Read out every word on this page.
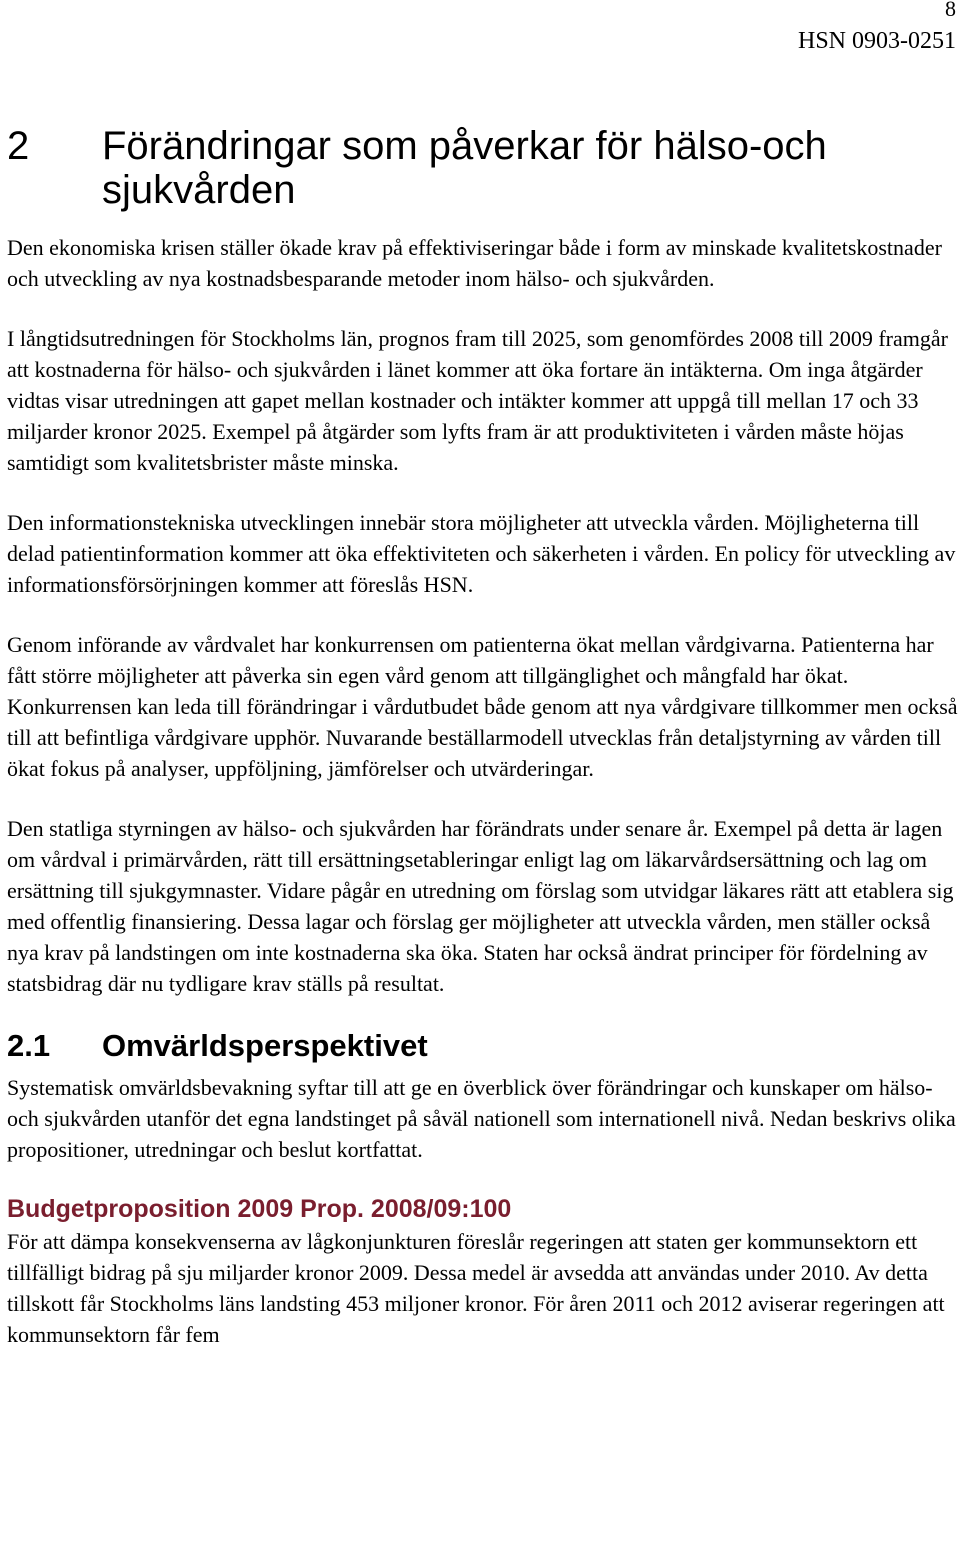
8
HSN 0903-0251
2	Förändringar som påverkar för hälso-och sjukvården

Den ekonomiska krisen ställer ökade krav på effektiviseringar både i form av minskade kvalitetskostnader och utveckling av nya kostnadsbesparande metoder inom hälso- och sjukvården.

I långtidsutredningen för Stockholms län, prognos fram till 2025, som genomfördes 2008 till 2009 framgår att kostnaderna för hälso- och sjukvården i länet kommer att öka fortare än intäkterna. Om inga åtgärder vidtas visar utredningen att gapet mellan kostnader och intäkter kommer att uppgå till mellan 17 och 33 miljarder kronor 2025. Exempel på åtgärder som lyfts fram är att produktiviteten i vården måste höjas samtidigt som kvalitetsbrister måste minska.

Den informationstekniska utvecklingen innebär stora möjligheter att utveckla vården. Möjligheterna till delad patientinformation kommer att öka effektiviteten och säkerheten i vården. En policy för utveckling av informationsförsörjningen kommer att föreslås HSN.

Genom införande av vårdvalet har konkurrensen om patienterna ökat mellan vårdgivarna. Patienterna har fått större möjligheter att påverka sin egen vård genom att tillgänglighet och mångfald har ökat. Konkurrensen kan leda till förändringar i vårdutbudet både genom att nya vårdgivare tillkommer men också till att befintliga vårdgivare upphör. Nuvarande beställarmodell utvecklas från detaljstyrning av vården till ökat fokus på analyser, uppföljning, jämförelser och utvärderingar.

Den statliga styrningen av hälso- och sjukvården har förändrats under senare år. Exempel på detta är lagen om vårdval i primärvården, rätt till ersättningsetableringar enligt lag om läkarvårdsersättning och lag om ersättning till sjukgymnaster. Vidare pågår en utredning om förslag som utvidgar läkares rätt att etablera sig med offentlig finansiering. Dessa lagar och förslag ger möjligheter att utveckla vården, men ställer också nya krav på landstingen om inte kostnaderna ska öka. Staten har också ändrat principer för fördelning av statsbidrag där nu tydligare krav ställs på resultat.

2.1	Omvärldsperspektivet

Systematisk omvärldsbevakning syftar till att ge en överblick över förändringar och kunskaper om hälso- och sjukvården utanför det egna landstinget på såväl nationell som internationell nivå. Nedan beskrivs olika propositioner, utredningar och beslut kortfattat.

Budgetproposition 2009 Prop. 2008/09:100

För att dämpa konsekvenserna av lågkonjunkturen föreslår regeringen att staten ger kommunsektorn ett tillfälligt bidrag på sju miljarder kronor 2009. Dessa medel är avsedda att användas under 2010. Av detta tillskott får Stockholms läns landsting 453 miljoner kronor. För åren 2011 och 2012 aviserar regeringen att kommunsektorn får fem
